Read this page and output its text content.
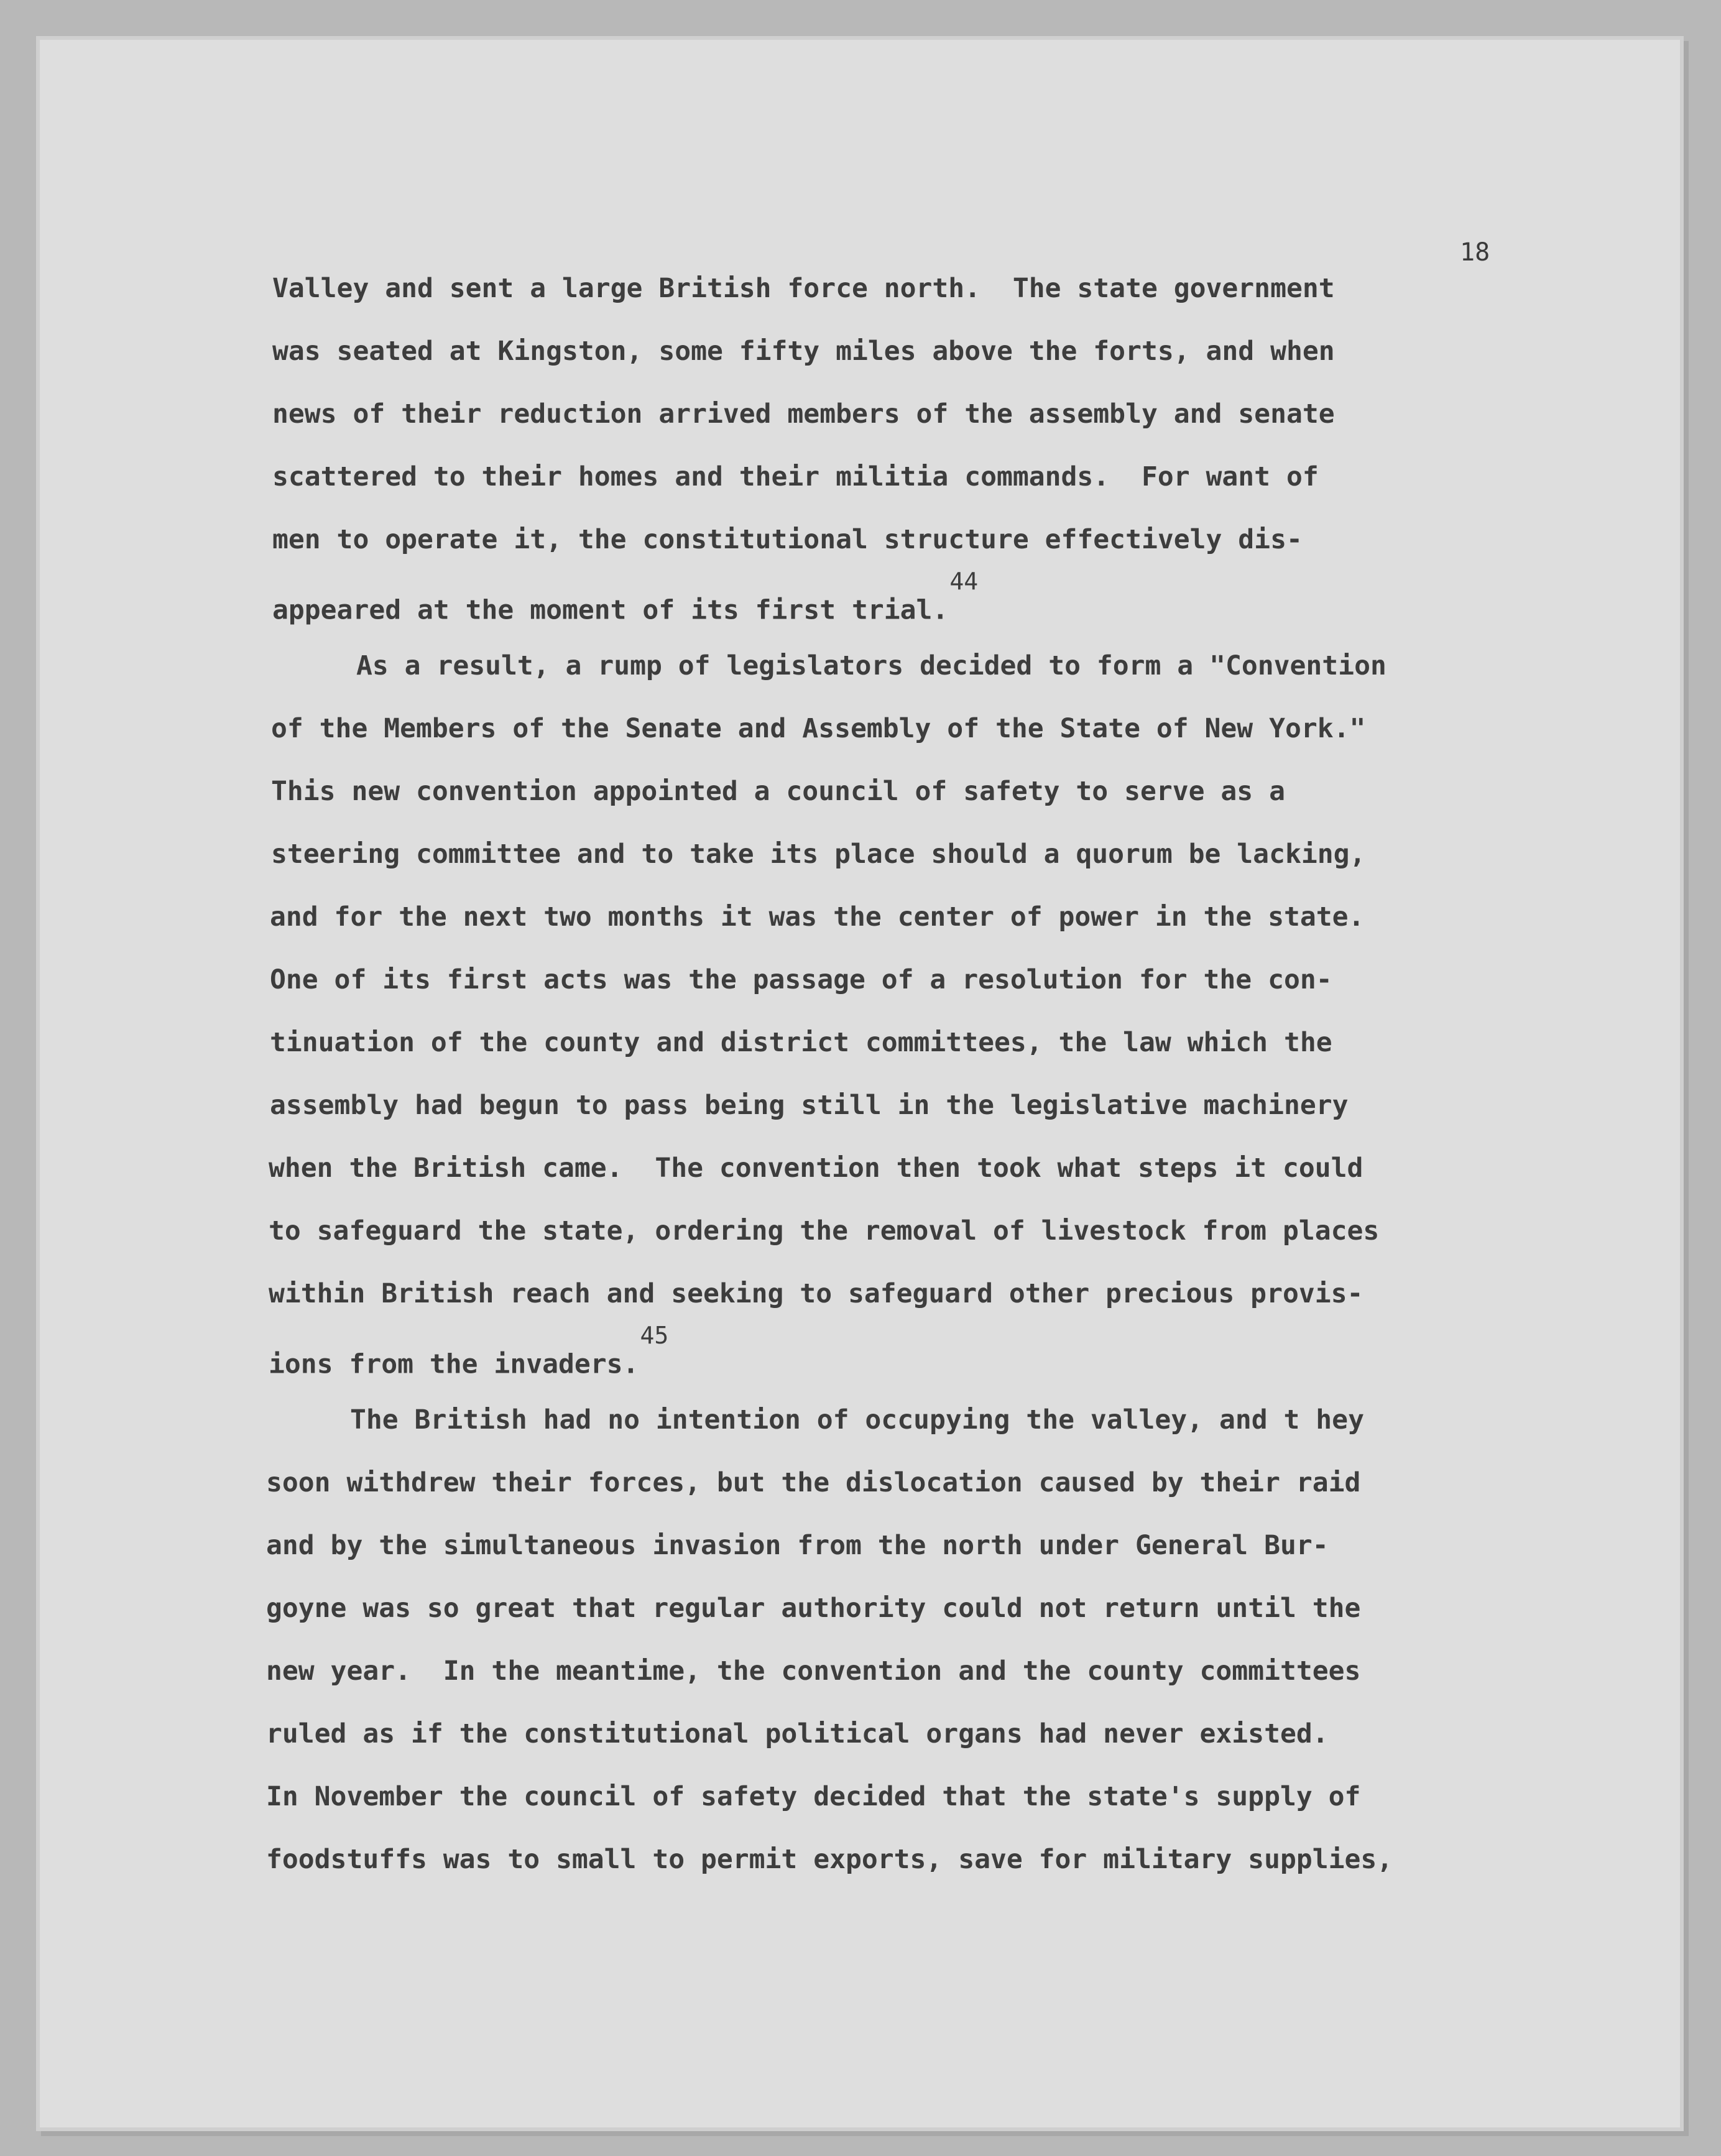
18

Valley and sent a large British force north.  The state government

was seated at Kingston, some fifty miles above the forts, and when

news of their reduction arrived members of the assembly and senate

scattered to their homes and their militia commands.  For want of

men to operate it, the constitutional structure effectively dis-

appeared at the moment of its first trial.$^{44}$

As a result, a rump of legislators decided to form a "Convention

of the Members of the Senate and Assembly of the State of New York."

This new convention appointed a council of safety to serve as a

steering committee and to take its place should a quorum be lacking,

and for the next two months it was the center of power in the state.

One of its first acts was the passage of a resolution for the con-

tinuation of the county and district committees, the law which the

assembly had begun to pass being still in the legislative machinery

when the British came.  The convention then took what steps it could

to safeguard the state, ordering the removal of livestock from places

within British reach and seeking to safeguard other precious provis-

ions from the invaders.$^{45}$

The British had no intention of occupying the valley, and t hey

soon withdrew their forces, but the dislocation caused by their raid

and by the simultaneous invasion from the north under General Bur-

goyne was so great that regular authority could not return until the

new year.  In the meantime, the convention and the county committees

ruled as if the constitutional political organs had never existed.

In November the council of safety decided that the state's supply of

foodstuffs was to small to permit exports, save for military supplies,
